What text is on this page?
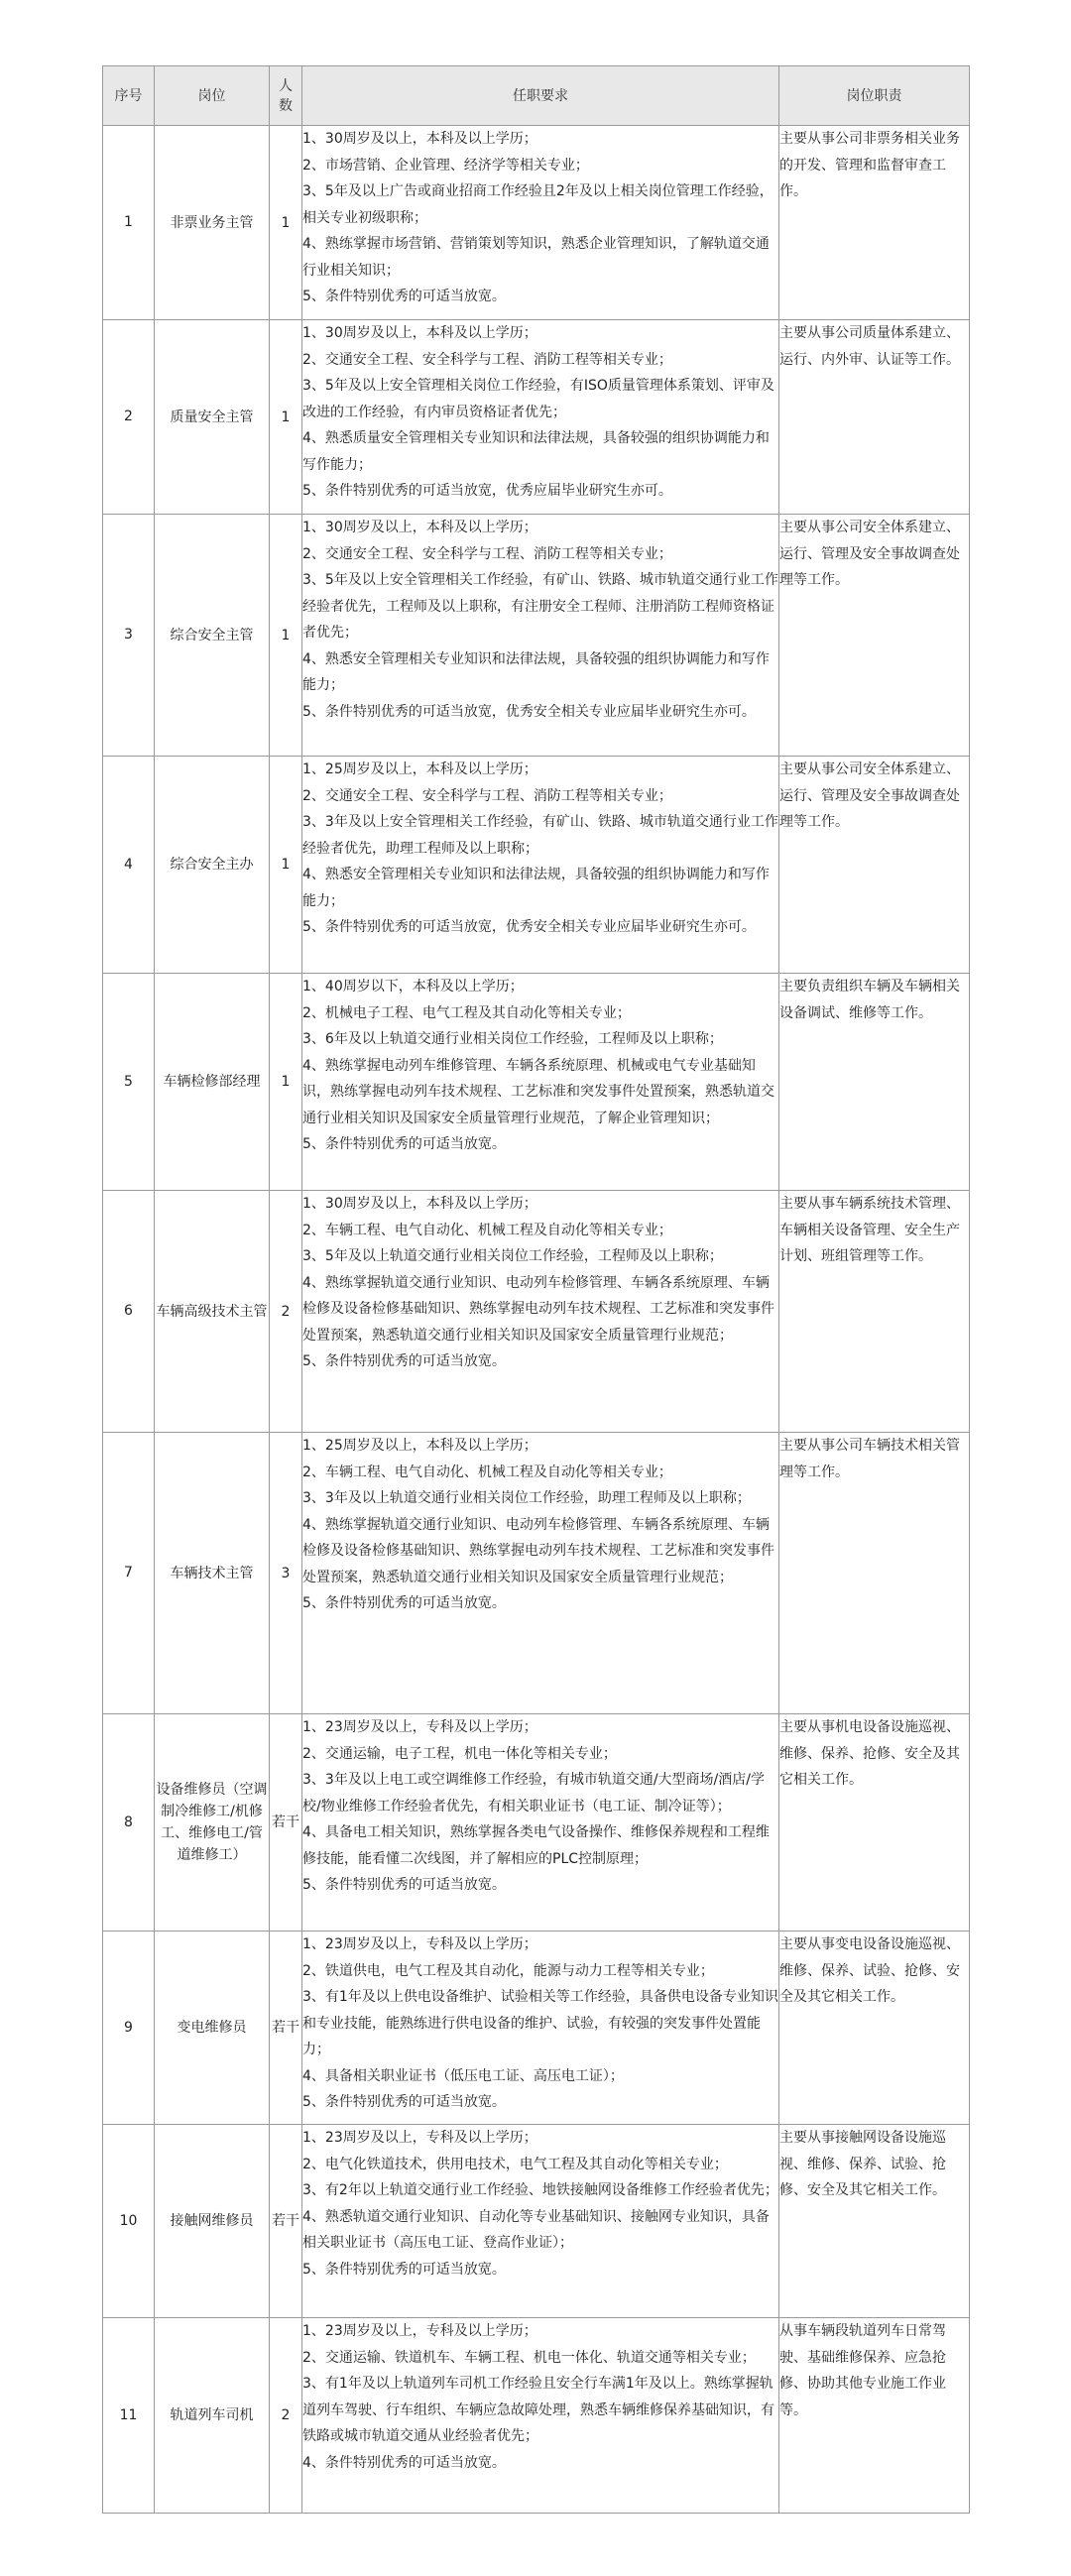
序号	岗位	人数	任职要求	岗位职责
1	非票业务主管	1	1、30周岁及以上，本科及以上学历；
2、市场营销、企业管理、经济学等相关专业；
3、5年及以上广告或商业招商工作经验且2年及以上相关岗位管理工作经验，相关专业初级职称；
4、熟练掌握市场营销、营销策划等知识，熟悉企业管理知识，了解轨道交通行业相关知识；
5、条件特别优秀的可适当放宽。	主要从事公司非票务相关业务的开发、管理和监督审查工作。
2	质量安全主管	1	1、30周岁及以上，本科及以上学历；
2、交通安全工程、安全科学与工程、消防工程等相关专业；
3、5年及以上安全管理相关岗位工作经验，有ISO质量管理体系策划、评审及改进的工作经验，有内审员资格证者优先；
4、熟悉质量安全管理相关专业知识和法律法规，具备较强的组织协调能力和写作能力；
5、条件特别优秀的可适当放宽，优秀应届毕业研究生亦可。	主要从事公司质量体系建立、运行、内外审、认证等工作。
3	综合安全主管	1	1、30周岁及以上，本科及以上学历；
2、交通安全工程、安全科学与工程、消防工程等相关专业；
3、5年及以上安全管理相关工作经验，有矿山、铁路、城市轨道交通行业工作经验者优先，工程师及以上职称，有注册安全工程师、注册消防工程师资格证者优先；
4、熟悉安全管理相关专业知识和法律法规，具备较强的组织协调能力和写作能力；
5、条件特别优秀的可适当放宽，优秀安全相关专业应届毕业研究生亦可。	主要从事公司安全体系建立、运行、管理及安全事故调查处理等工作。
4	综合安全主办	1	1、25周岁及以上，本科及以上学历；
2、交通安全工程、安全科学与工程、消防工程等相关专业；
3、3年及以上安全管理相关工作经验，有矿山、铁路、城市轨道交通行业工作经验者优先，助理工程师及以上职称；
4、熟悉安全管理相关专业知识和法律法规，具备较强的组织协调能力和写作能力；
5、条件特别优秀的可适当放宽，优秀安全相关专业应届毕业研究生亦可。	主要从事公司安全体系建立、运行、管理及安全事故调查处理等工作。
5	车辆检修部经理	1	1、40周岁以下，本科及以上学历；
2、机械电子工程、电气工程及其自动化等相关专业；
3、6年及以上轨道交通行业相关岗位工作经验，工程师及以上职称；
4、熟练掌握电动列车维修管理、车辆各系统原理、机械或电气专业基础知识，熟练掌握电动列车技术规程、工艺标准和突发事件处置预案，熟悉轨道交通行业相关知识及国家安全质量管理行业规范，了解企业管理知识；
5、条件特别优秀的可适当放宽。	主要负责组织车辆及车辆相关设备调试、维修等工作。
6	车辆高级技术主管	2	1、30周岁及以上，本科及以上学历；
2、车辆工程、电气自动化、机械工程及自动化等相关专业；
3、5年及以上轨道交通行业相关岗位工作经验，工程师及以上职称；
4、熟练掌握轨道交通行业知识、电动列车检修管理、车辆各系统原理、车辆检修及设备检修基础知识、熟练掌握电动列车技术规程、工艺标准和突发事件处置预案，熟悉轨道交通行业相关知识及国家安全质量管理行业规范；
5、条件特别优秀的可适当放宽。	主要从事车辆系统技术管理、车辆相关设备管理、安全生产计划、班组管理等工作。
7	车辆技术主管	3	1、25周岁及以上，本科及以上学历；
2、车辆工程、电气自动化、机械工程及自动化等相关专业；
3、3年及以上轨道交通行业相关岗位工作经验，助理工程师及以上职称；
4、熟练掌握轨道交通行业知识、电动列车检修管理、车辆各系统原理、车辆检修及设备检修基础知识、熟练掌握电动列车技术规程、工艺标准和突发事件处置预案，熟悉轨道交通行业相关知识及国家安全质量管理行业规范；
5、条件特别优秀的可适当放宽。	主要从事公司车辆技术相关管理等工作。
8	设备维修员（空调制冷维修工/机修工、维修电工/管道维修工）	若干	1、23周岁及以上，专科及以上学历；
2、交通运输，电子工程，机电一体化等相关专业；
3、3年及以上电工或空调维修工作经验，有城市轨道交通/大型商场/酒店/学校/物业维修工作经验者优先，有相关职业证书（电工证、制冷证等）；
4、具备电工相关知识，熟练掌握各类电气设备操作、维修保养规程和工程维修技能，能看懂二次线图，并了解相应的PLC控制原理；
5、条件特别优秀的可适当放宽。	主要从事机电设备设施巡视、维修、保养、抢修、安全及其它相关工作。
9	变电维修员	若干	1、23周岁及以上，专科及以上学历；
2、铁道供电，电气工程及其自动化，能源与动力工程等相关专业；
3、有1年及以上供电设备维护、试验相关等工作经验，具备供电设备专业知识和专业技能，能熟练进行供电设备的维护、试验，有较强的突发事件处置能力；
4、具备相关职业证书（低压电工证、高压电工证）；
5、条件特别优秀的可适当放宽。	主要从事变电设备设施巡视、维修、保养、试验、抢修、安全及其它相关工作。
10	接触网维修员	若干	1、23周岁及以上，专科及以上学历；
2、电气化铁道技术，供用电技术，电气工程及其自动化等相关专业；
3、有2年以上轨道交通行业工作经验、地铁接触网设备维修工作经验者优先；
4、熟悉轨道交通行业知识、自动化等专业基础知识、接触网专业知识，具备相关职业证书（高压电工证、登高作业证）；
5、条件特别优秀的可适当放宽。	主要从事接触网设备设施巡视、维修、保养、试验、抢修、安全及其它相关工作。
11	轨道列车司机	2	1、23周岁及以上，专科及以上学历；
2、交通运输、铁道机车、车辆工程、机电一体化、轨道交通等相关专业；
3、有1年及以上轨道列车司机工作经验且安全行车满1年及以上。熟练掌握轨道列车驾驶、行车组织、车辆应急故障处理，熟悉车辆维修保养基础知识，有铁路或城市轨道交通从业经验者优先；
4、条件特别优秀的可适当放宽。	从事车辆段轨道列车日常驾驶、基础维修保养、应急抢修、协助其他专业施工作业等。
